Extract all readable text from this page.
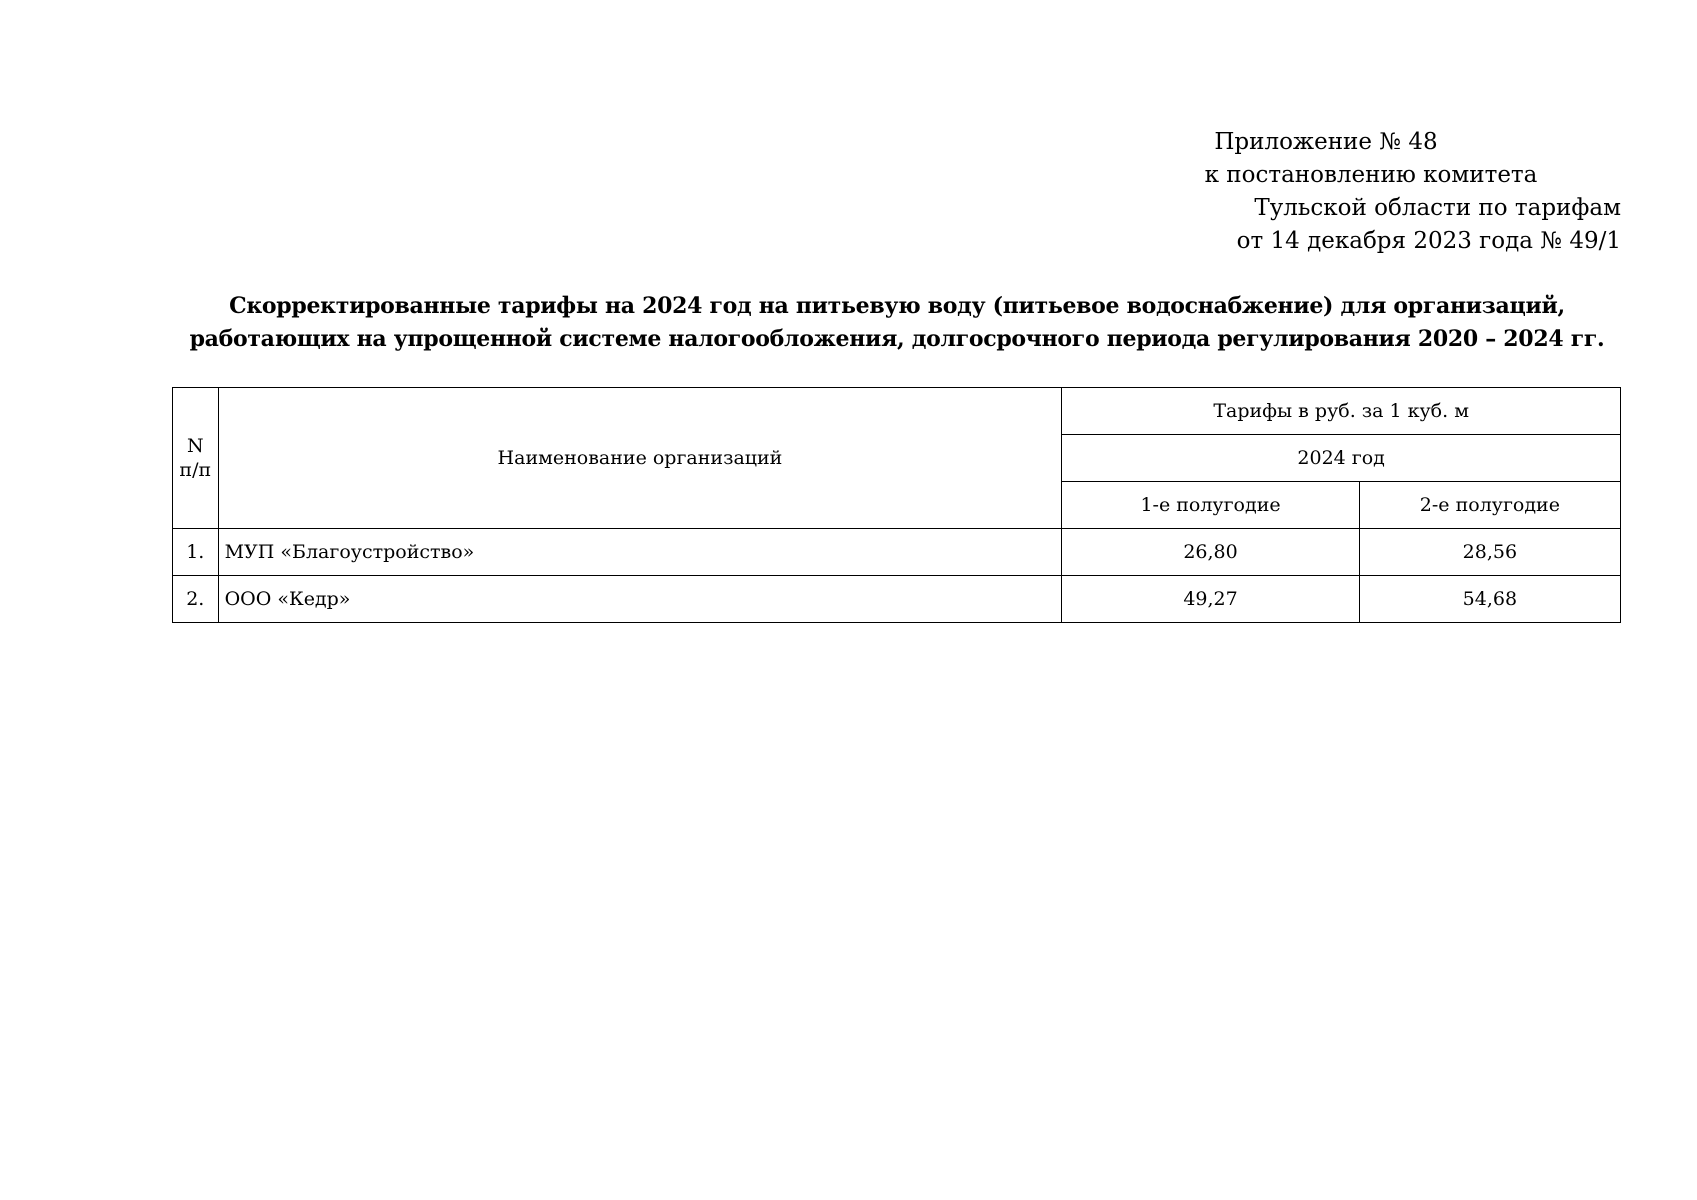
Приложение № 48
к постановлению комитета
Тульской области по тарифам
от 14 декабря 2023 года № 49/1
Скорректированные тарифы на 2024 год на питьевую воду (питьевое водоснабжение) для организаций,
работающих на упрощенной системе налогообложения, долгосрочного периода регулирования 2020 – 2024 гг.
N
п/п	Наименование организаций	Тарифы в руб. за 1 куб. м	
		2024 год	
		1-е полугодие	2-е полугодие
1.	МУП «Благоустройство»	26,80	28,56
2.	ООО «Кедр»	49,27	54,68
